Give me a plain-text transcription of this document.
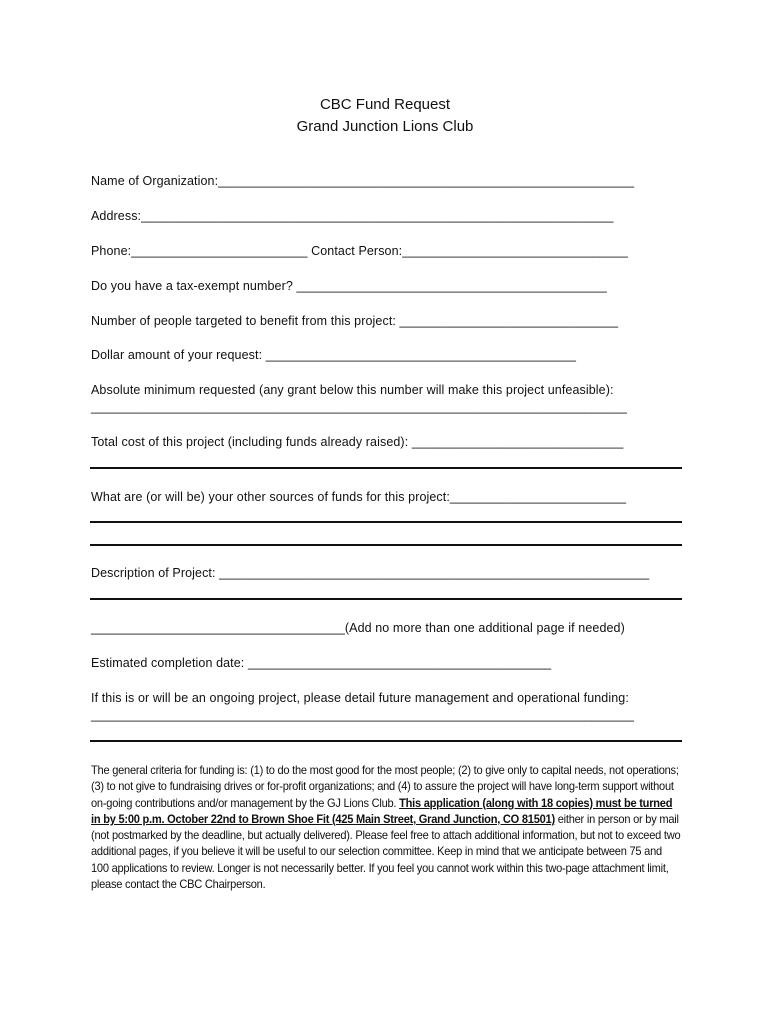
CBC Fund Request
Grand Junction Lions Club
Name of Organization:___________________________________________________________
Address:___________________________________________________________________
Phone:_________________________ Contact Person:________________________________
Do you have a tax-exempt number? ____________________________________________
Number of people targeted to benefit from this project: _______________________________
Dollar amount of your request: ____________________________________________
Absolute minimum requested (any grant below this number will make this project unfeasible):
____________________________________________________________________________
Total cost of this project (including funds already raised): ______________________________
What are (or will be) your other sources of funds for this project:_________________________
Description of Project: _____________________________________________________________
____________________________________(Add no more than one additional page if needed)
Estimated completion date: ___________________________________________
If this is or will be an ongoing project, please detail future management and operational funding:
_____________________________________________________________________________
The general criteria for funding is: (1) to do the most good for the most people; (2) to give only to capital needs, not operations; (3) to not give to fundraising drives or for-profit organizations; and (4) to assure the project will have long-term support without on-going contributions and/or management by the GJ Lions Club. This application (along with 18 copies) must be turned in by 5:00 p.m. October 22nd to Brown Shoe Fit (425 Main Street, Grand Junction, CO 81501) either in person or by mail (not postmarked by the deadline, but actually delivered). Please feel free to attach additional information, but not to exceed two additional pages, if you believe it will be useful to our selection committee. Keep in mind that we anticipate between 75 and 100 applications to review. Longer is not necessarily better. If you feel you cannot work within this two-page attachment limit, please contact the CBC Chairperson.
